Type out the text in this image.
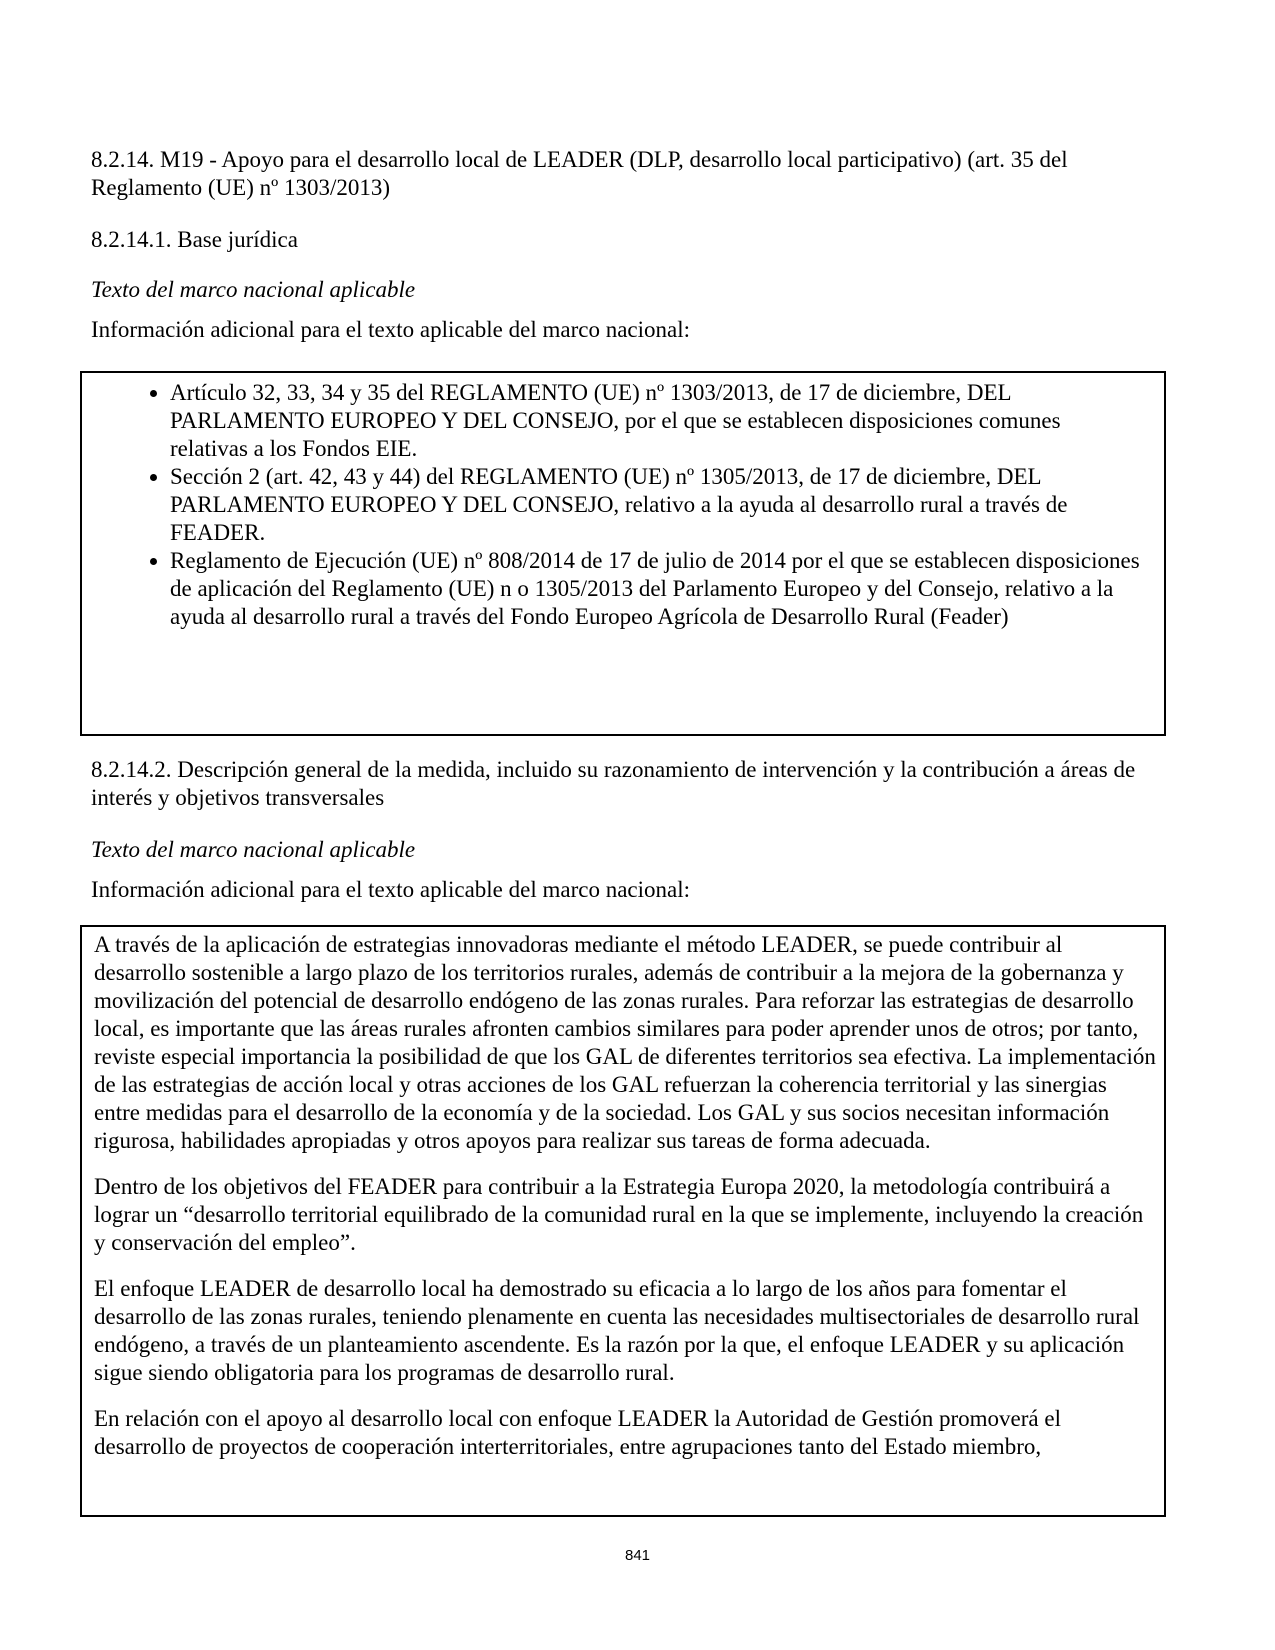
8.2.14. M19 - Apoyo para el desarrollo local de LEADER (DLP, desarrollo local participativo) (art. 35 del Reglamento (UE) nº 1303/2013)
8.2.14.1. Base jurídica
Texto del marco nacional aplicable
Información adicional para el texto aplicable del marco nacional:
• Artículo 32, 33, 34 y 35 del REGLAMENTO (UE) nº 1303/2013, de 17 de diciembre, DEL PARLAMENTO EUROPEO Y DEL CONSEJO, por el que se establecen disposiciones comunes relativas a los Fondos EIE.
• Sección 2 (art. 42, 43 y 44) del REGLAMENTO (UE) nº 1305/2013, de 17 de diciembre, DEL PARLAMENTO EUROPEO Y DEL CONSEJO, relativo a la ayuda al desarrollo rural a través de FEADER.
• Reglamento de Ejecución (UE) nº 808/2014 de 17 de julio de 2014 por el que se establecen disposiciones de aplicación del Reglamento (UE) n o 1305/2013 del Parlamento Europeo y del Consejo, relativo a la ayuda al desarrollo rural a través del Fondo Europeo Agrícola de Desarrollo Rural (Feader)
8.2.14.2. Descripción general de la medida, incluido su razonamiento de intervención y la contribución a áreas de interés y objetivos transversales
Texto del marco nacional aplicable
Información adicional para el texto aplicable del marco nacional:

A través de la aplicación de estrategias innovadoras mediante el método LEADER, se puede contribuir al desarrollo sostenible a largo plazo de los territorios rurales, además de contribuir a la mejora de la gobernanza y movilización del potencial de desarrollo endógeno de las zonas rurales. Para reforzar las estrategias de desarrollo local, es importante que las áreas rurales afronten cambios similares para poder aprender unos de otros; por tanto, reviste especial importancia la posibilidad de que los GAL de diferentes territorios sea efectiva. La implementación de las estrategias de acción local y otras acciones de los GAL refuerzan la coherencia territorial y las sinergias entre medidas para el desarrollo de la economía y de la sociedad. Los GAL y sus socios necesitan información rigurosa, habilidades apropiadas y otros apoyos para realizar sus tareas de forma adecuada.

Dentro de los objetivos del FEADER para contribuir a la Estrategia Europa 2020, la metodología contribuirá a lograr un “desarrollo territorial equilibrado de la comunidad rural en la que se implemente, incluyendo la creación y conservación del empleo”.

El enfoque LEADER de desarrollo local ha demostrado su eficacia a lo largo de los años para fomentar el desarrollo de las zonas rurales, teniendo plenamente en cuenta las necesidades multisectoriales de desarrollo rural endógeno, a través de un planteamiento ascendente. Es la razón por la que, el enfoque LEADER y su aplicación sigue siendo obligatoria para los programas de desarrollo rural.

En relación con el apoyo al desarrollo local con enfoque LEADER la Autoridad de Gestión promoverá el desarrollo de proyectos de cooperación interterritoriales, entre agrupaciones tanto del Estado miembro,

841
